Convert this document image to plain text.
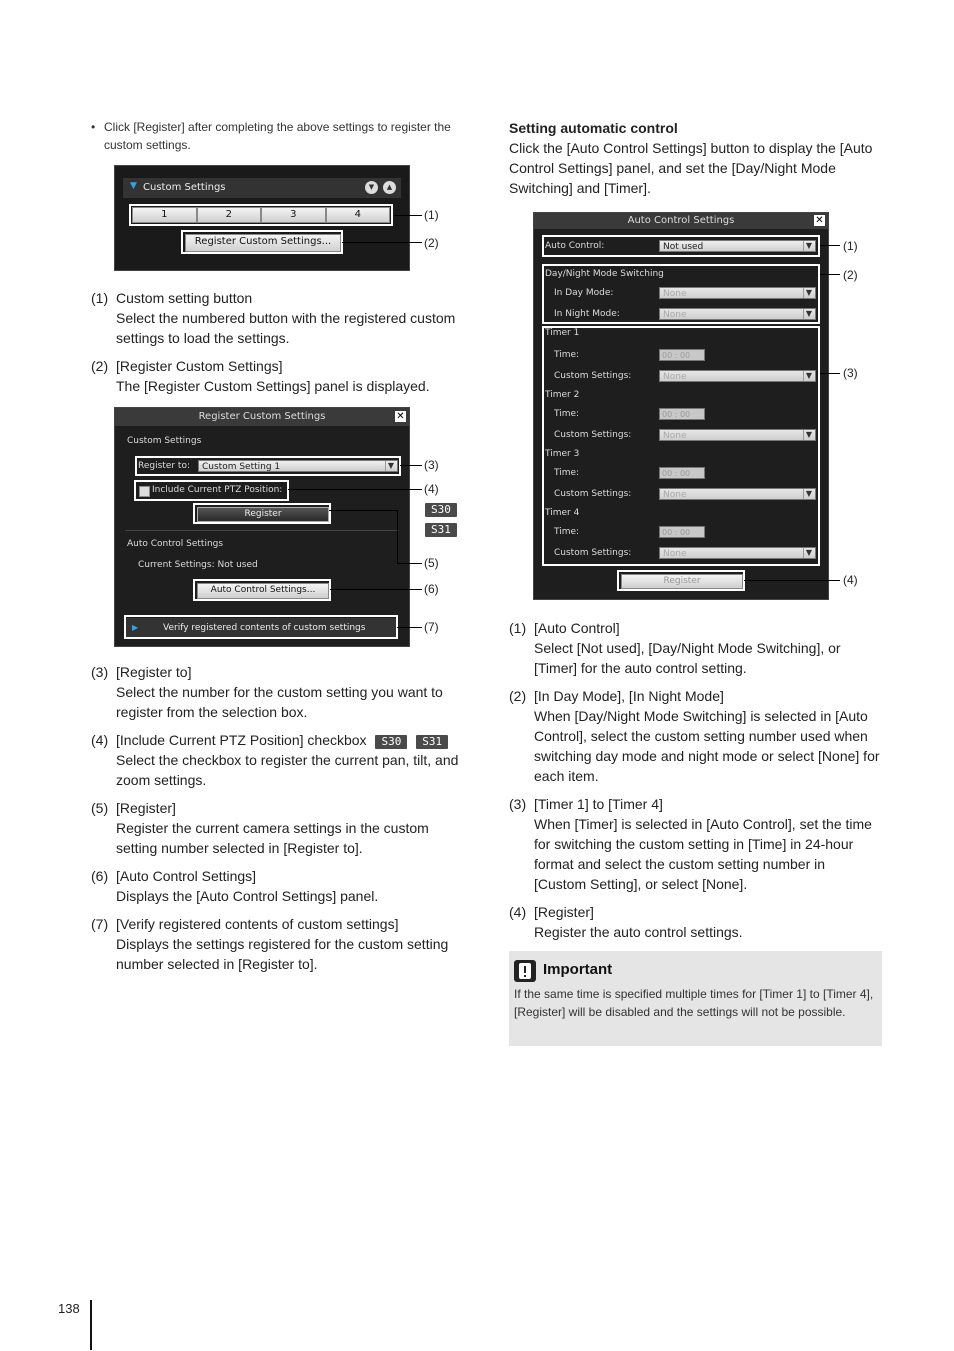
• Click [Register] after completing the above settings to register the custom settings.
▼ Custom Settings	▼	▲
1	2	3	4
Register Custom Settings...
(1)
(2)
(1) Custom setting button
Select the numbered button with the registered custom settings to load the settings.
(2) [Register Custom Settings]
The [Register Custom Settings] panel is displayed.
Register Custom Settings	✕
Custom Settings
Register to:	Custom Setting 1	▼
Include Current PTZ Position:
Register
Auto Control Settings
Current Settings: Not used
Auto Control Settings...
▶	Verify registered contents of custom settings
(3)
(4)
(5)
(6)
(7)
S30
S31
(3) [Register to]
Select the number for the custom setting you want to register from the selection box.
(4) [Include Current PTZ Position] checkbox S30 S31
Select the checkbox to register the current pan, tilt, and zoom settings.
(5) [Register]
Register the current camera settings in the custom setting number selected in [Register to].
(6) [Auto Control Settings]
Displays the [Auto Control Settings] panel.
(7) [Verify registered contents of custom settings]
Displays the settings registered for the custom setting number selected in [Register to].
Setting automatic control
Click the [Auto Control Settings] button to display the [Auto Control Settings] panel, and set the [Day/Night Mode Switching] and [Timer].
Auto Control Settings	✕
Auto Control:	Not used	▼
Day/Night Mode Switching
In Day Mode:	None	▼
In Night Mode:	None	▼
Timer 1
Time:	00 : 00
Custom Settings:	None	▼
Timer 2
Time:	00 : 00
Custom Settings:	None	▼
Timer 3
Time:	00 : 00
Custom Settings:	None	▼
Timer 4
Time:	00 : 00
Custom Settings:	None	▼
Register
(1)
(2)
(3)
(4)
(1) [Auto Control]
Select [Not used], [Day/Night Mode Switching], or [Timer] for the auto control setting.
(2) [In Day Mode], [In Night Mode]
When [Day/Night Mode Switching] is selected in [Auto Control], select the custom setting number used when switching day mode and night mode or select [None] for each item.
(3) [Timer 1] to [Timer 4]
When [Timer] is selected in [Auto Control], set the time for switching the custom setting in [Time] in 24-hour format and select the custom setting number in [Custom Setting], or select [None].
(4) [Register]
Register the auto control settings.
Important
If the same time is specified multiple times for [Timer 1] to [Timer 4], [Register] will be disabled and the settings will not be possible.
138
